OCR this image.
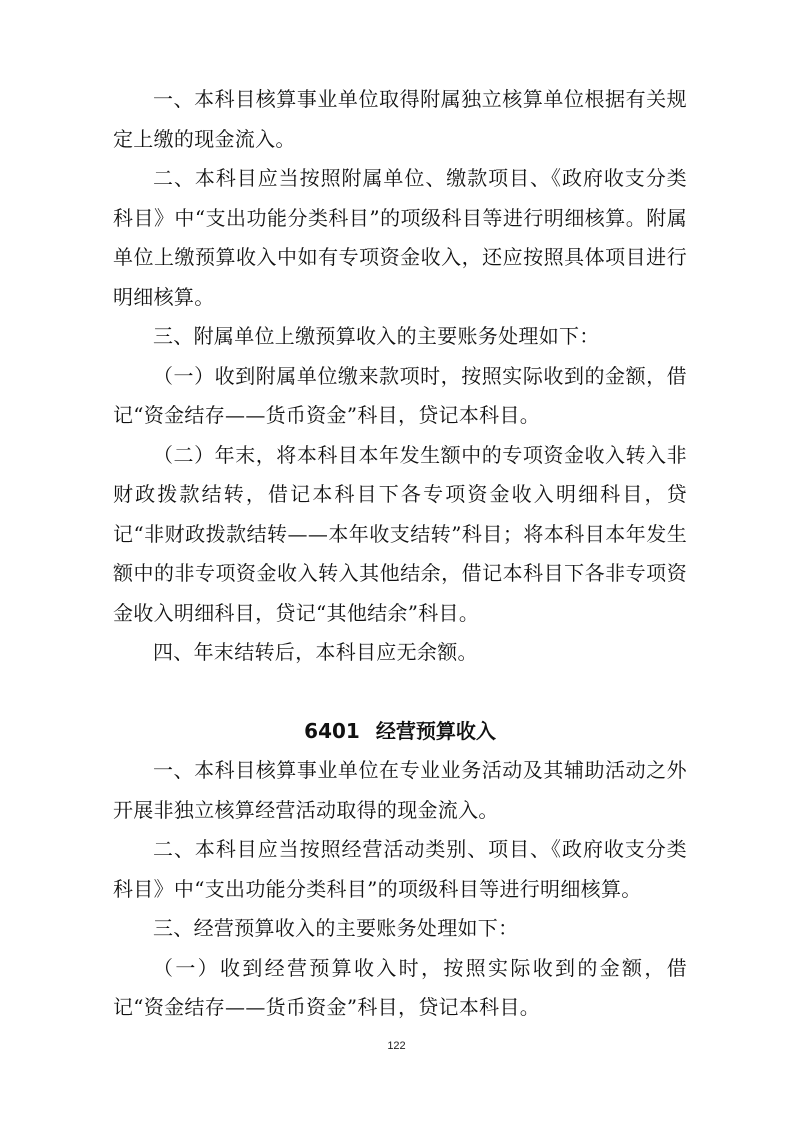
一、本科目核算事业单位取得附属独立核算单位根据有关规定上缴的现金流入。

二、本科目应当按照附属单位、缴款项目、《政府收支分类科目》中“支出功能分类科目”的项级科目等进行明细核算。附属单位上缴预算收入中如有专项资金收入，还应按照具体项目进行明细核算。

三、附属单位上缴预算收入的主要账务处理如下：

（一）收到附属单位缴来款项时，按照实际收到的金额，借记“资金结存——货币资金”科目，贷记本科目。

（二）年末，将本科目本年发生额中的专项资金收入转入非财政拨款结转，借记本科目下各专项资金收入明细科目，贷记“非财政拨款结转——本年收支结转”科目；将本科目本年发生额中的非专项资金收入转入其他结余，借记本科目下各非专项资金收入明细科目，贷记“其他结余”科目。

四、年末结转后，本科目应无余额。

6401 经营预算收入

一、本科目核算事业单位在专业业务活动及其辅助活动之外开展非独立核算经营活动取得的现金流入。

二、本科目应当按照经营活动类别、项目、《政府收支分类科目》中“支出功能分类科目”的项级科目等进行明细核算。

三、经营预算收入的主要账务处理如下：

（一）收到经营预算收入时，按照实际收到的金额，借记“资金结存——货币资金”科目，贷记本科目。

122
